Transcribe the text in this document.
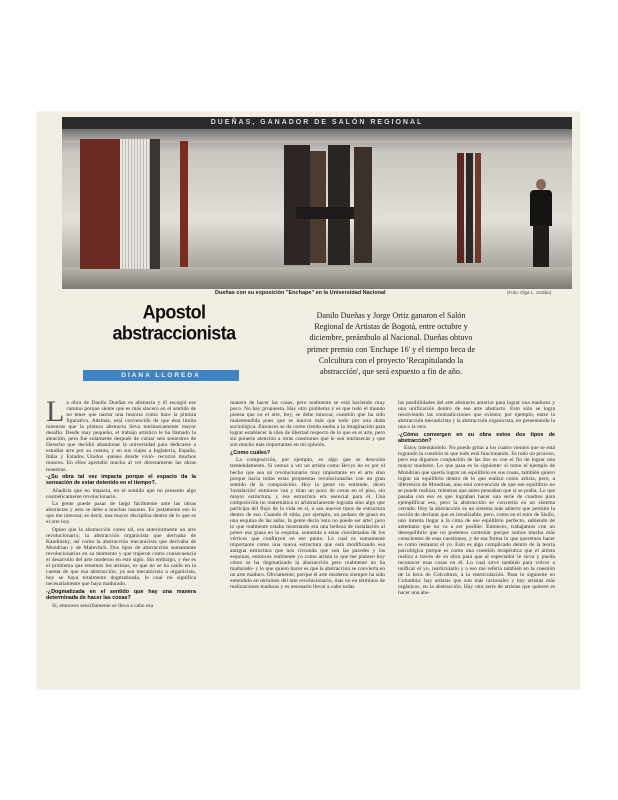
DUEÑAS, GANADOR DE SALÓN REGIONAL
Dueñas con su exposición "Enchape" en la Universidad Nacional	(Foto: Olga L. Jordán)
Apostol
abstraccionista
DIANA LLOREDA
Danilo Dueñas y Jorge Ortiz ganaron el Salón Regional de Artistas de Bogotá, entre octubre y diciembre, preámbulo al Nacional. Dueñas obtuvo primer premio con 'Enchape 16' y el tiempo beca de Colcultura con el proyecto 'Recapitulando la abstracción', que será expuesto a fin de año.

La obra de Danilo Dueñas es abstracta y él escogió ese camino porque siente que es más sincero en el sentido de no tener que narrar una historia como hace la pintura figurativa. Además, está convencido de que ésta limita mientras que la pintura abstracta lleva intrínsecamente mayor desafío. Desde muy pequeño, el trabajo artístico le ha llamado la atención, pero fue solamente después de cursar seis semestres de Derecho que decidió abandonar la universidad para dedicarse a estudiar arte por su cuenta, y en sus viajes a Inglaterra, España, Italia y Estados Unidos -países donde vivió- recorrió muchos museos. En ellos aprendió mucho al ver directamente las obras maestras.

-¿Su obra tal vez impacta porque el espacio da la sensación de estar detenido en el tiempo?.

Añadiría que no impacta, en el sentido que no presento algo cosméticamente revolucionario.

La gente puede pasar de largo fácilmente ante las obras abstractas y esto se debe a muchas razones. Es justamente eso lo que me interesa; es decir, una mayor disciplina dentro de lo que es el arte hoy.

Opino que la abstracción como tal, era anteriormente un arte revolucionario; la abstracción organicista que derivaba de Kandinsky, así como la abstracción mecanicista que derivaba de Mondrian y de Malevitch. Dos tipos de abstracción sumamente revolucionarios en su momento y que trajeron como consecuencia el desarrollo del arte moderno en este siglo. Sin embargo, y ése es el problema que tenemos los artistas, es que no se ha caído en la cuenta de que esa abstracción, ya sea mecanicista u organicista, hoy se haya totalmente dogmatizada, lo cual no significa necesariamente que haya madurado.

-¿Dogmatizada en el sentido que hay una manera determinada de hacer las cosas?

Sí, entonces sencillamente se lleva a cabo esa

manera de hacer las cosas, pero realmente se está haciendo muy poco. No hay propuesta. Hay otro problema y es que todo el mundo piensa que en el arte, hoy, se debe innovar, cuestión que ha sido malentendida pues que se innova más que todo por una duda sociológica. Entonces se da como rienda suelta a la imaginación para lograr establecer la idea de libertad respecto de lo que es el arte, pero sin ponerle atención a otras cuestiones que le son intrínsecas y que son mucho más importantes en mi opinión.

¿Como cuáles?

La composición, por ejemplo, es algo que se descuida tremendamente. Si vamos a ver un artista como Bevys no es por el hecho que sea un revolucionario muy importante en el arte sino porque hacía todas estas propuestas revolucionarias con un gran sentido de la composición. Hoy la gente no entiende, dicen 'instalación' entonces van y tiran un poco de cosas en el piso, sin mayor estructura, y esa estructura era esencial para él. Una composición no matemática ni arbitrariamente lograda sino algo que participa del flujo de la vida en sí, o sea nuevos tipos de estructura dentro de eso. Cuando él sitúa, por ejemplo, un pedazo de grasa en una esquina de las aulas, la gente decía 'esto no puede ser arte'; pero lo que realmente estaba mostrando era una belleza de instalación al poner esa grasa en la esquina, sometida a estas coordenadas de los vértices que confluyen en ese punto. Lo cual es sumamente importante como una nueva estructura que está modificando esa antigua estructura que nos circunda que son las paredes y las esquinas, entonces realmente yo como artista lo que me planteo hoy cómo se ha dogmatizado la abstracción pero realmente no ha madurado- y lo que quiero hacer es que la abstracción se convierta en un arte maduro. Obviamente; porque el arte moderno siempre ha sido entendido en términos del arte revolucionario, mas no en términos de realizaciones maduras y es necesario llevar a cabo todas

las posibilidades del arte abstracto anterior para lograr una madurez y una unificación dentro de ese arte abstracto. Esto sólo se logra resolviendo las contradicciones que existen; por ejemplo, entre la abstracción mecanicista y la abstracción organicista, no presentando la una o la otra.

-¿Cómo convergen en su obra estos dos tipos de abstracción?

Estoy intentándolo. No puedo gritar a los cuatro vientos que se está logrando la cuestión ni que todo está funcionando. Es todo un proceso, pero esa digamos conjunción de las dos es con el fin de lograr una mayor madurez. Lo que pasa es lo siguiente: si tomo el ejemplo de Mondrian que quería lograr un equilibrio en sus cosas, también quiero lograr un equilibrio dentro de lo que realizo como artista, pero, a diferencia de Mondrian, uno está convencido de que ese equilibrio no se puede realizar, mientras que antes pensaban que sí se podía. Lo que pasaba con eso es que lograban hacer una serie de cuadros para ejemplificar eso, pero la abstracción se convertía en un sistema cerrado. Hoy la abstracción es un sistema más abierto que permite la noción de declarar que es irrealizable, pero, como en el mito de Sisifo, uno intenta llegar a la cima de ese equilibrio perfecto, sabiendo de antemano que no va a ser posible. Entonces, trabajamos con un desequilibrio que no podemos controlar porque somos mucho más conscientes de esas cuestiones, y de esa forma lo que queremos hacer es como restaurar el yo. Esto es algo complicado dentro de la teoría psicológica porque es como una cuestión terapéutica que el artista realiza a través de su obra para que al espectador le sirva y pueda reconocer esas cosas en él. Lo cual sirve también para volver a unificar el yo, rearticularlo y a eso me refería también en la cuestión de la beca de Colcultura, a la rearticulación. Pasa lo siguiente en Colombia: hay artistas que son más racionales y hay artistas más orgánicos, en la abstracción. Hay otra serie de artistas que quieren es hacer una abs-
